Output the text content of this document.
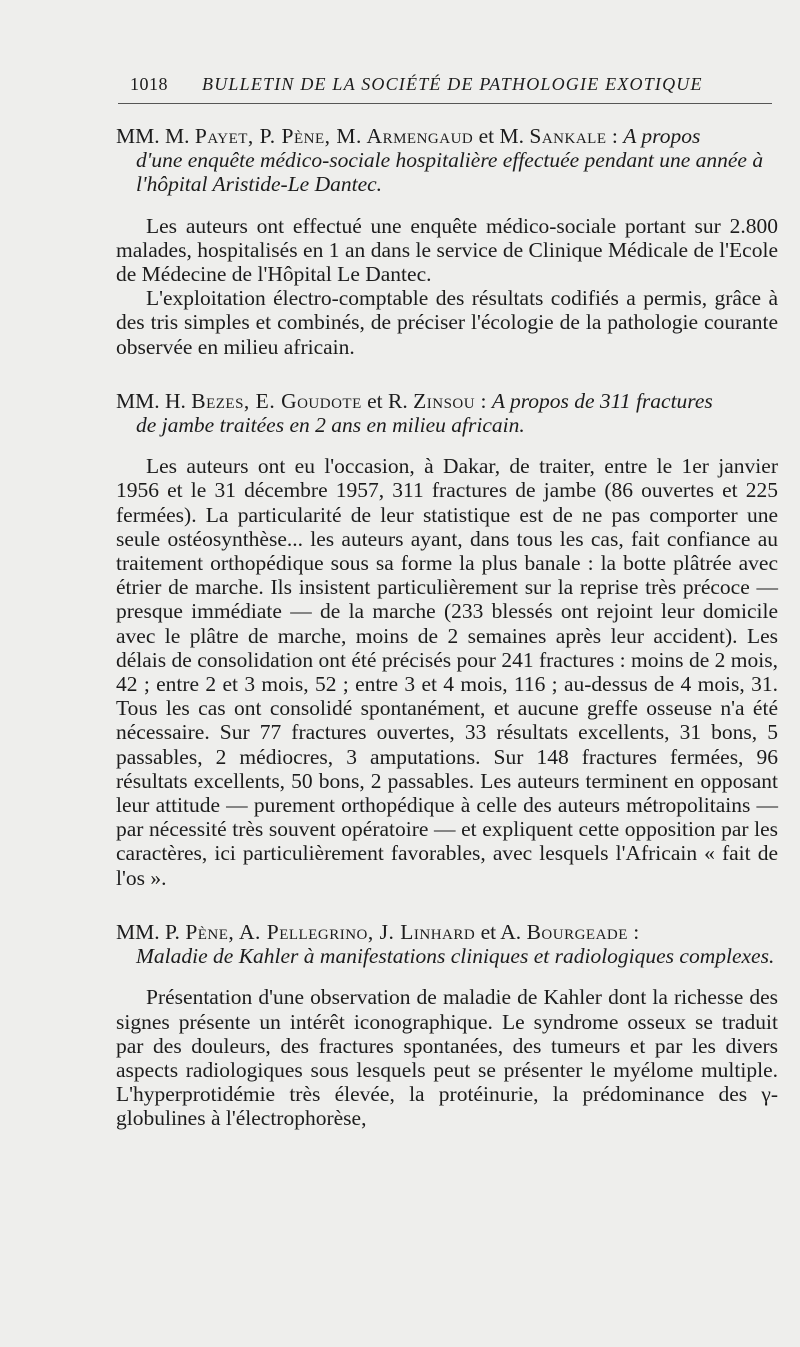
1018 BULLETIN DE LA SOCIÉTÉ DE PATHOLOGIE EXOTIQUE

MM. M. Payet, P. Pène, M. Armengaud et M. Sankale : A propos
d'une enquête médico-sociale hospitalière effectuée pendant une année à l'hôpital Aristide-Le Dantec.

Les auteurs ont effectué une enquête médico-sociale portant sur 2.800 malades, hospitalisés en 1 an dans le service de Clinique Médicale de l'Ecole de Médecine de l'Hôpital Le Dantec.

L'exploitation électro-comptable des résultats codifiés a permis, grâce à des tris simples et combinés, de préciser l'écologie de la pathologie courante observée en milieu africain.

MM. H. Bezes, E. Goudote et R. Zinsou : A propos de 311 fractures
de jambe traitées en 2 ans en milieu africain.

Les auteurs ont eu l'occasion, à Dakar, de traiter, entre le 1er janvier 1956 et le 31 décembre 1957, 311 fractures de jambe (86 ouvertes et 225 fermées). La particularité de leur statistique est de ne pas comporter une seule ostéosynthèse... les auteurs ayant, dans tous les cas, fait confiance au traitement orthopédique sous sa forme la plus banale : la botte plâtrée avec étrier de marche. Ils insistent particulièrement sur la reprise très précoce — presque immédiate — de la marche (233 blessés ont rejoint leur domicile avec le plâtre de marche, moins de 2 semaines après leur accident). Les délais de consolidation ont été précisés pour 241 fractures : moins de 2 mois, 42 ; entre 2 et 3 mois, 52 ; entre 3 et 4 mois, 116 ; au-dessus de 4 mois, 31. Tous les cas ont consolidé spontanément, et aucune greffe osseuse n'a été nécessaire. Sur 77 fractures ouvertes, 33 résultats excellents, 31 bons, 5 passables, 2 médiocres, 3 amputations. Sur 148 fractures fermées, 96 résultats excellents, 50 bons, 2 passables. Les auteurs terminent en opposant leur attitude — purement orthopédique à celle des auteurs métropolitains — par nécessité très souvent opératoire — et expliquent cette opposition par les caractères, ici particulièrement favorables, avec lesquels l'Africain « fait de l'os ».

MM. P. Pène, A. Pellegrino, J. Linhard et A. Bourgeade :
Maladie de Kahler à manifestations cliniques et radiologiques complexes.

Présentation d'une observation de maladie de Kahler dont la richesse des signes présente un intérêt iconographique. Le syndrome osseux se traduit par des douleurs, des fractures spontanées, des tumeurs et par les divers aspects radiologiques sous lesquels peut se présenter le myélome multiple. L'hyperprotidémie très élevée, la protéinurie, la prédominance des γ-globulines à l'électrophorèse,
